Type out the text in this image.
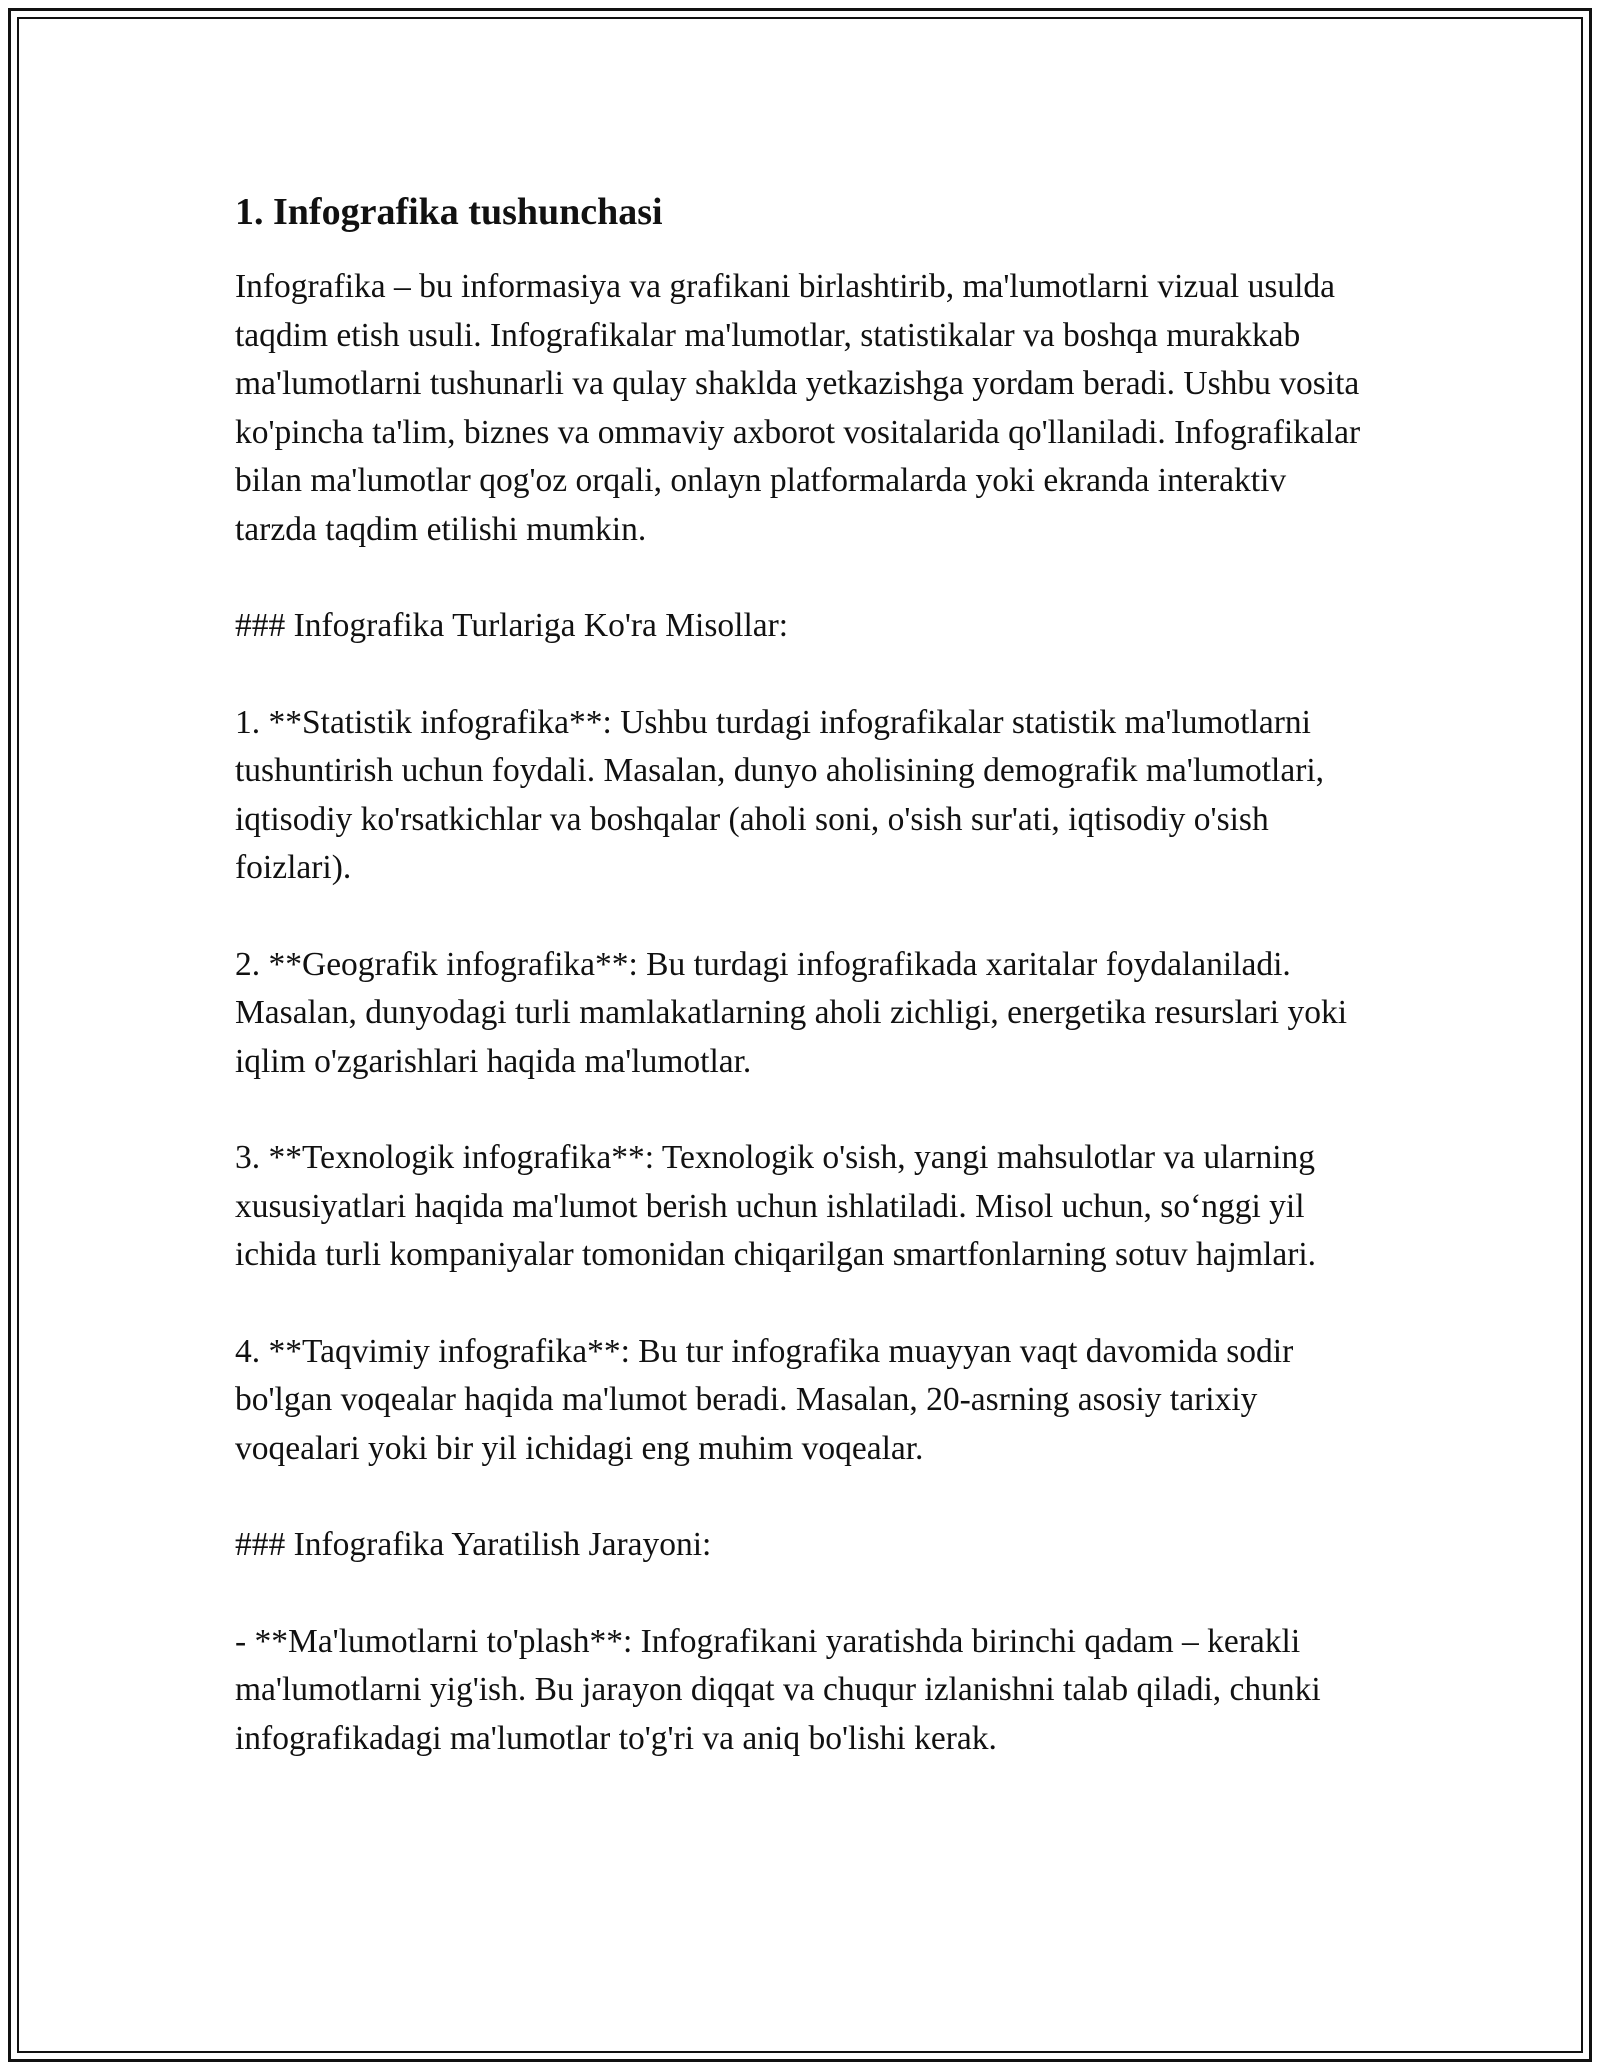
1. Infografika tushunchasi

Infografika – bu informasiya va grafikani birlashtirib, ma'lumotlarni vizual usulda taqdim etish usuli. Infografikalar ma'lumotlar, statistikalar va boshqa murakkab ma'lumotlarni tushunarli va qulay shaklda yetkazishga yordam beradi. Ushbu vosita ko'pincha ta'lim, biznes va ommaviy axborot vositalarida qo'llaniladi. Infografikalar bilan ma'lumotlar qog'oz orqali, onlayn platformalarda yoki ekranda interaktiv tarzda taqdim etilishi mumkin.

### Infografika Turlariga Ko'ra Misollar:

1. **Statistik infografika**: Ushbu turdagi infografikalar statistik ma'lumotlarni tushuntirish uchun foydali. Masalan, dunyo aholisining demografik ma'lumotlari, iqtisodiy ko'rsatkichlar va boshqalar (aholi soni, o'sish sur'ati, iqtisodiy o'sish foizlari).

2. **Geografik infografika**: Bu turdagi infografikada xaritalar foydalaniladi. Masalan, dunyodagi turli mamlakatlarning aholi zichligi, energetika resurslari yoki iqlim o'zgarishlari haqida ma'lumotlar.

3. **Texnologik infografika**: Texnologik o'sish, yangi mahsulotlar va ularning xususiyatlari haqida ma'lumot berish uchun ishlatiladi. Misol uchun, so‘nggi yil ichida turli kompaniyalar tomonidan chiqarilgan smartfonlarning sotuv hajmlari.

4. **Taqvimiy infografika**: Bu tur infografika muayyan vaqt davomida sodir bo'lgan voqealar haqida ma'lumot beradi. Masalan, 20-asrning asosiy tarixiy voqealari yoki bir yil ichidagi eng muhim voqealar.

### Infografika Yaratilish Jarayoni:

- **Ma'lumotlarni to'plash**: Infografikani yaratishda birinchi qadam – kerakli ma'lumotlarni yig'ish. Bu jarayon diqqat va chuqur izlanishni talab qiladi, chunki infografikadagi ma'lumotlar to'g'ri va aniq bo'lishi kerak.
